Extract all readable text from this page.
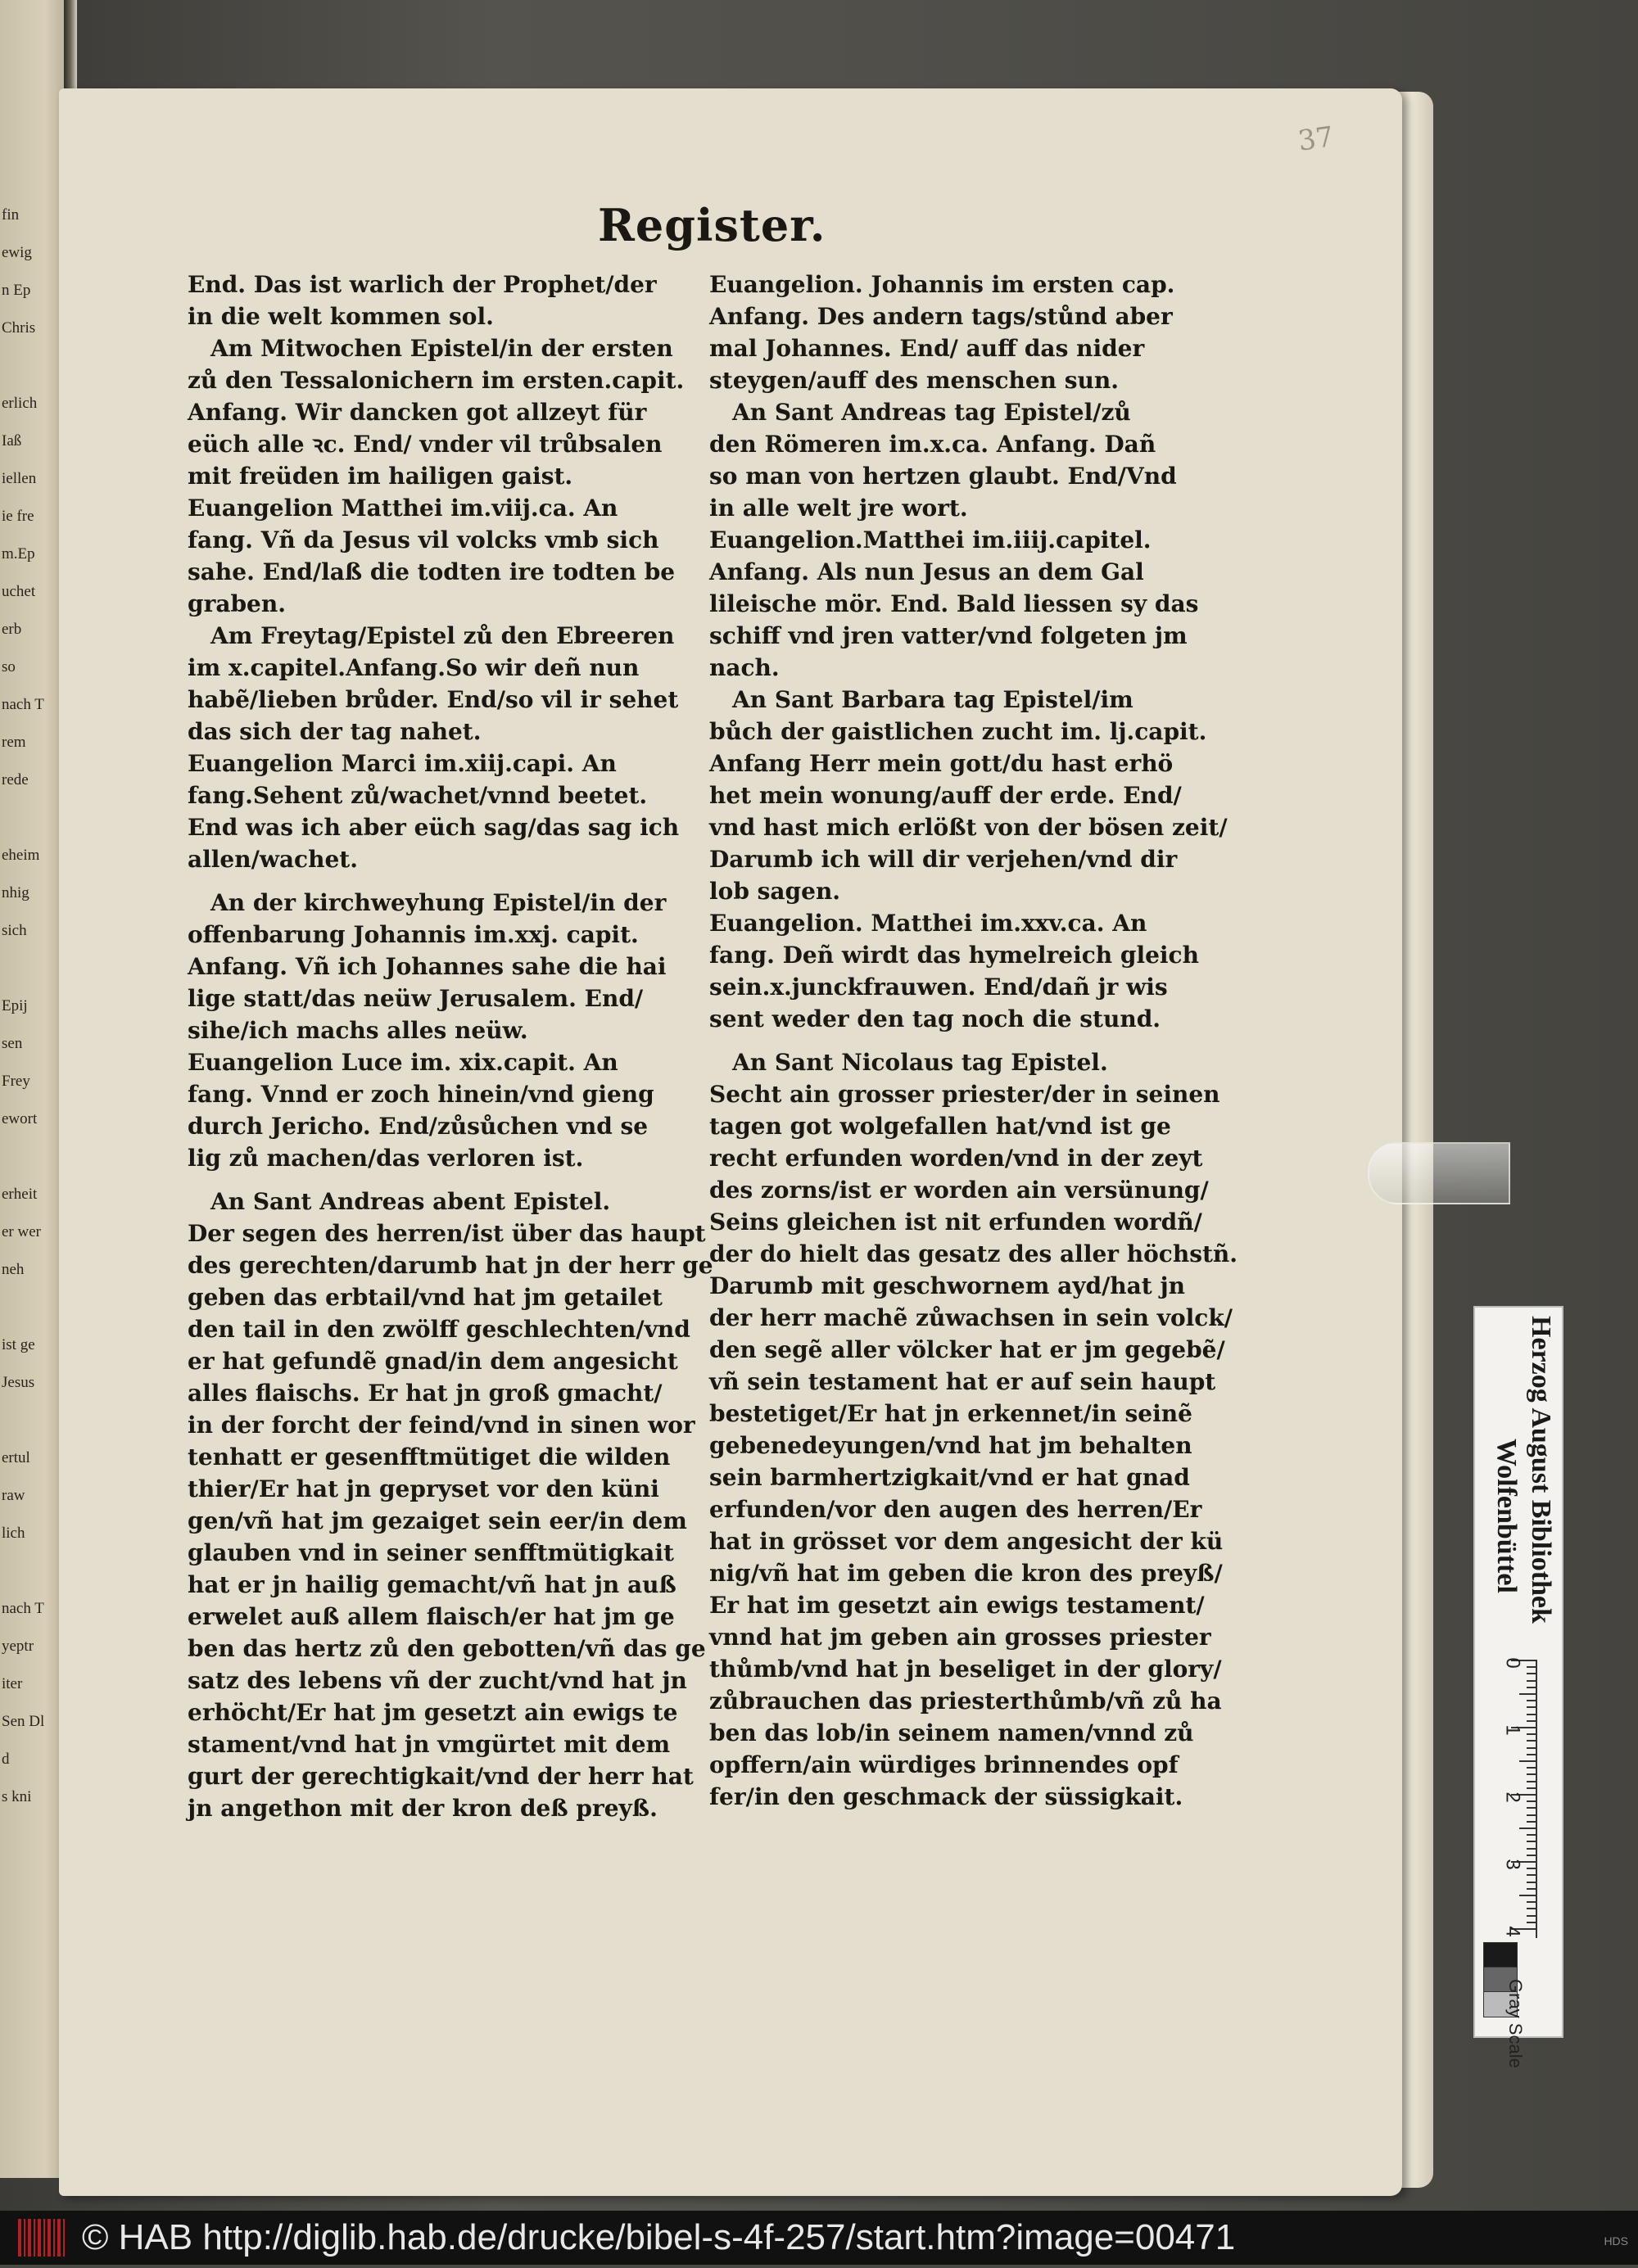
fin
ewig
n Ep
Chris
erlich
Iaß
iellen
ie fre
m.Ep
uchet
erb
so
nach T
rem
rede
eheim
nhig
sich
Epij
sen
Frey
ewort
erheit
er wer
neh
ist ge
Jesus
ertul
raw
lich
nach T
yeptr
iter
Sen Dl
d
s kni
37
Register.
End. Das ist warlich der Prophet/der
in die welt kommen sol.
Am Mitwochen Epistel/in der ersten
zů den Tessalonichern im ersten.capit.
Anfang. Wir dancken got allzeyt für
eüch alle ꝛc. End/ vnder vil trůbsalen
mit freüden im hailigen gaist.
Euangelion Matthei im.viij.ca. An
fang. Vñ da Jesus vil volcks vmb sich
sahe. End/laß die todten ire todten be
graben.
Am Freytag/Epistel zů den Ebreeren
im x.capitel.Anfang.So wir deñ nun
habẽ/lieben brůder. End/so vil ir sehet
das sich der tag nahet.
Euangelion Marci im.xiij.capi. An
fang.Sehent zů/wachet/vnnd beetet.
End was ich aber eüch sag/das sag ich
allen/wachet.
An der kirchweyhung Epistel/in der
offenbarung Johannis im.xxj. capit.
Anfang. Vñ ich Johannes sahe die hai
lige statt/das neüw Jerusalem. End/
sihe/ich machs alles neüw.
Euangelion Luce im. xix.capit. An
fang. Vnnd er zoch hinein/vnd gieng
durch Jericho. End/zůsůchen vnd se
lig zů machen/das verloren ist.
An Sant Andreas abent Epistel.
Der segen des herren/ist über das haupt
des gerechten/darumb hat jn der herr ge
geben das erbtail/vnd hat jm getailet
den tail in den zwölff geschlechten/vnd
er hat gefundẽ gnad/in dem angesicht
alles flaischs. Er hat jn groß gmacht/
in der forcht der feind/vnd in sinen wor
tenhatt er gesenfftmütiget die wilden
thier/Er hat jn gepryset vor den küni
gen/vñ hat jm gezaiget sein eer/in dem
glauben vnd in seiner senfftmütigkait
hat er jn hailig gemacht/vñ hat jn auß
erwelet auß allem flaisch/er hat jm ge
ben das hertz zů den gebotten/vñ das ge
satz des lebens vñ der zucht/vnd hat jn
erhöcht/Er hat jm gesetzt ain ewigs te
stament/vnd hat jn vmgürtet mit dem
gurt der gerechtigkait/vnd der herr hat
jn angethon mit der kron deß preyß.
Euangelion. Johannis im ersten cap.
Anfang. Des andern tags/stůnd aber
mal Johannes. End/ auff das nider
steygen/auff des menschen sun.
An Sant Andreas tag Epistel/zů
den Römeren im.x.ca. Anfang. Dañ
so man von hertzen glaubt. End/Vnd
in alle welt jre wort.
Euangelion.Matthei im.iiij.capitel.
Anfang. Als nun Jesus an dem Gal
lileische mör. End. Bald liessen sy das
schiff vnd jren vatter/vnd folgeten jm
nach.
An Sant Barbara tag Epistel/im
bůch der gaistlichen zucht im. lj.capit.
Anfang Herr mein gott/du hast erhö
het mein wonung/auff der erde. End/
vnd hast mich erlößt von der bösen zeit/
Darumb ich will dir verjehen/vnd dir
lob sagen.
Euangelion. Matthei im.xxv.ca. An
fang. Deñ wirdt das hymelreich gleich
sein.x.junckfrauwen. End/dañ jr wis
sent weder den tag noch die stund.
An Sant Nicolaus tag Epistel.
Secht ain grosser priester/der in seinen
tagen got wolgefallen hat/vnd ist ge
recht erfunden worden/vnd in der zeyt
des zorns/ist er worden ain versünung/
Seins gleichen ist nit erfunden wordñ/
der do hielt das gesatz des aller höchstñ.
Darumb mit geschwornem ayd/hat jn
der herr machẽ zůwachsen in sein volck/
den segẽ aller völcker hat er jm gegebẽ/
vñ sein testament hat er auf sein haupt
bestetiget/Er hat jn erkennet/in seinẽ
gebenedeyungen/vnd hat jm behalten
sein barmhertzigkait/vnd er hat gnad
erfunden/vor den augen des herren/Er
hat in grösset vor dem angesicht der kü
nig/vñ hat im geben die kron des preyß/
Er hat im gesetzt ain ewigs testament/
vnnd hat jm geben ain grosses priester
thůmb/vnd hat jn beseliget in der glory/
zůbrauchen das priesterthůmb/vñ zů ha
ben das lob/in seinem namen/vnnd zů
opffern/ain würdiges brinnendes opf
fer/in den geschmack der süssigkait.
Herzog August Bibliothek
Wolfenbüttel
0
1
2
3
4
Gray Scale
© HAB http://diglib.hab.de/drucke/bibel-s-4f-257/start.htm?image=00471	HDS
